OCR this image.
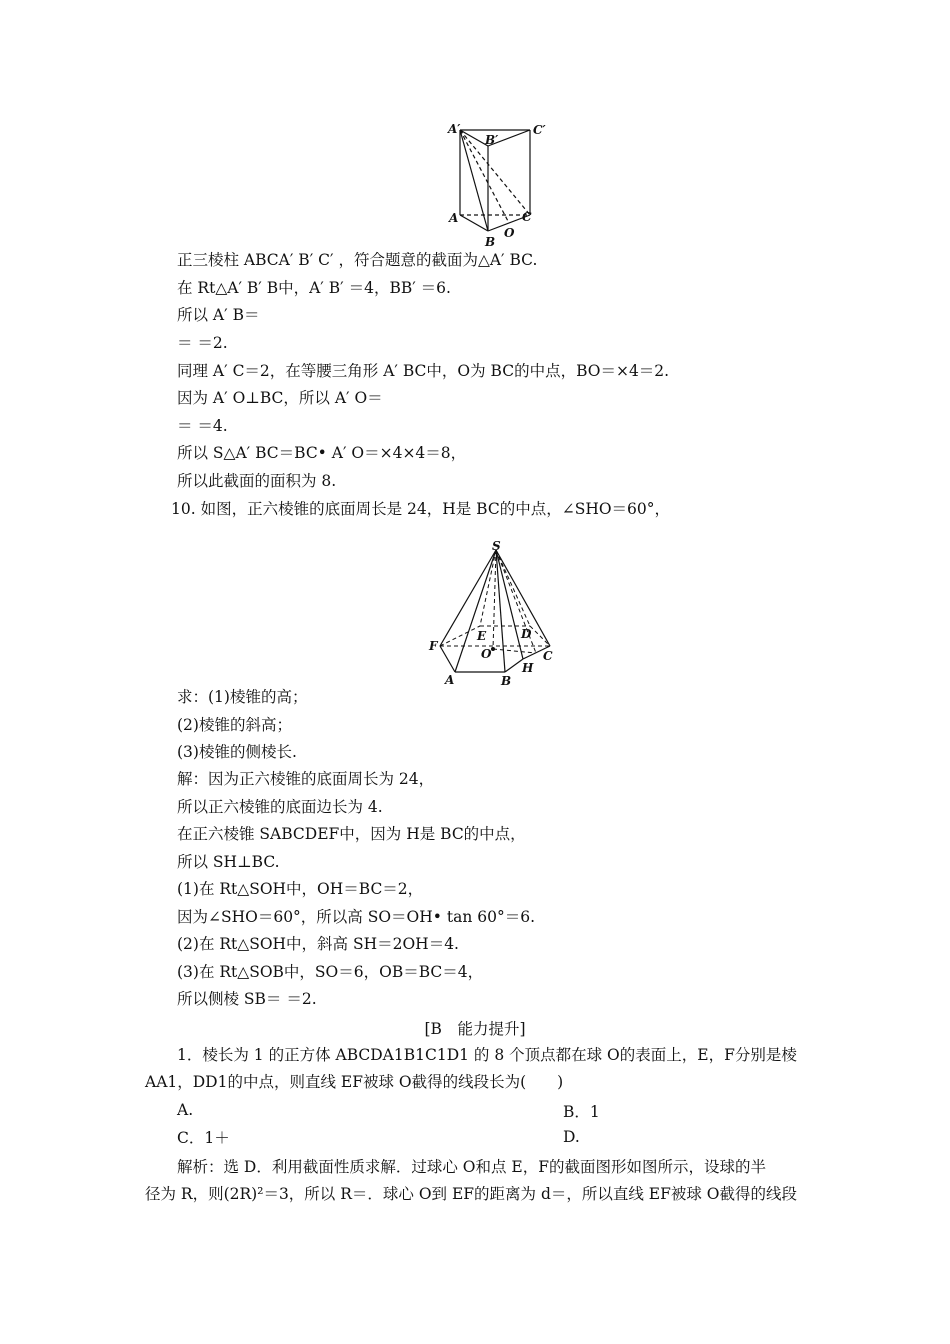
A′
B′
C′
A	C
O
B
正三棱柱 ABCA′ B′ C′ ，符合题意的截面为△A′ BC.
在 Rt△A′ B′ B中，A′ B′ ＝4，BB′ ＝6.
所以 A′ B＝
＝ ＝2.
同理 A′ C＝2，在等腰三角形 A′ BC中，O为 BC的中点，BO＝×4＝2.
因为 A′ O⊥BC，所以 A′ O＝
＝ ＝4.
所以 S△A′ BC＝BC• A′ O＝×4×4＝8，
所以此截面的面积为 8.
10. 如图，正六棱锥的底面周长是 24，H是 BC的中点，∠SHO＝60°，
S
F
E	D
O	C
H
A	B
求：(1)棱锥的高；
(2)棱锥的斜高；
(3)棱锥的侧棱长.
解：因为正六棱锥的底面周长为 24，
所以正六棱锥的底面边长为 4.
在正六棱锥 SABCDEF中，因为 H是 BC的中点，
所以 SH⊥BC.
(1)在 Rt△SOH中，OH＝BC＝2，
因为∠SHO＝60°，所以高 SO＝OH• tan 60°＝6.
(2)在 Rt△SOH中，斜高 SH＝2OH＝4.
(3)在 Rt△SOB中，SO＝6，OB＝BC＝4，
所以侧棱 SB＝ ＝2.
[B　能力提升]
1．棱长为 1 的正方体 ABCDA1B1C1D1 的 8 个顶点都在球 O的表面上，E，F分别是棱
AA1，DD1的中点，则直线 EF被球 O截得的线段长为(　　)
A.	B．1
C．1＋	D.
解析：选 D．利用截面性质求解．过球心 O和点 E，F的截面图形如图所示，设球的半
径为 R，则(2R)²＝3，所以 R＝．球心 O到 EF的距离为 d＝，所以直线 EF被球 O截得的线段
